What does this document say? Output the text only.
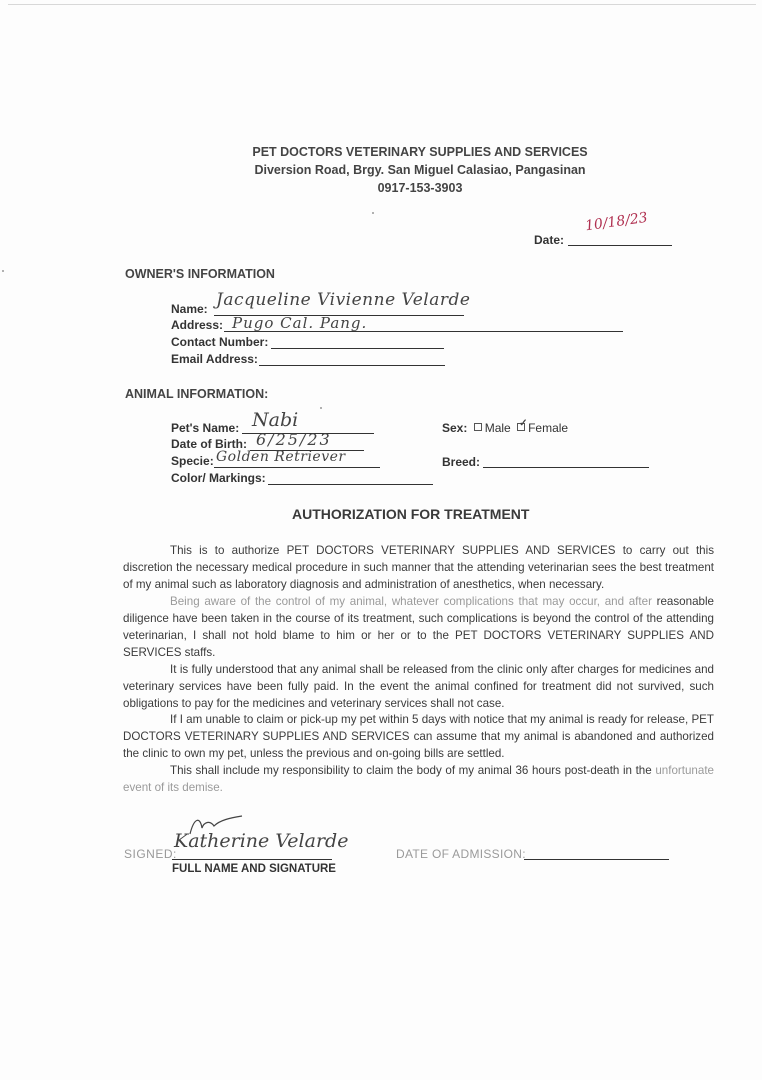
PET DOCTORS VETERINARY SUPPLIES AND SERVICES
Diversion Road, Brgy. San Miguel Calasiao, Pangasinan
0917-153-3903
Date:
10/18/23
OWNER'S INFORMATION
Name: Jacqueline Vivienne Velarde
Address: Pugo Cal. Pang.
Contact Number:
Email Address:
ANIMAL INFORMATION:
Pet's Name: Nabi
Date of Birth: 6/25/23
Specie: Golden Retriever
Color/ Markings:
Sex: Male ✓ Female
Breed:
AUTHORIZATION FOR TREATMENT

This is to authorize PET DOCTORS VETERINARY SUPPLIES AND SERVICES to carry out this discretion the necessary medical procedure in such manner that the attending veterinarian sees the best treatment of my animal such as laboratory diagnosis and administration of anesthetics, when necessary.

Being aware of the control of my animal, whatever complications that may occur, and after reasonable diligence have been taken in the course of its treatment, such complications is beyond the control of the attending veterinarian, I shall not hold blame to him or her or to the PET DOCTORS VETERINARY SUPPLIES AND SERVICES staffs.

It is fully understood that any animal shall be released from the clinic only after charges for medicines and veterinary services have been fully paid. In the event the animal confined for treatment did not survived, such obligations to pay for the medicines and veterinary services shall not case.

If I am unable to claim or pick-up my pet within 5 days with notice that my animal is ready for release, PET DOCTORS VETERINARY SUPPLIES AND SERVICES can assume that my animal is abandoned and authorized the clinic to own my pet, unless the previous and on-going bills are settled.

This shall include my responsibility to claim the body of my animal 36 hours post-death in the unfortunate event of its demise.

SIGNED:
Katherine Velarde
FULL NAME AND SIGNATURE
DATE OF ADMISSION:
